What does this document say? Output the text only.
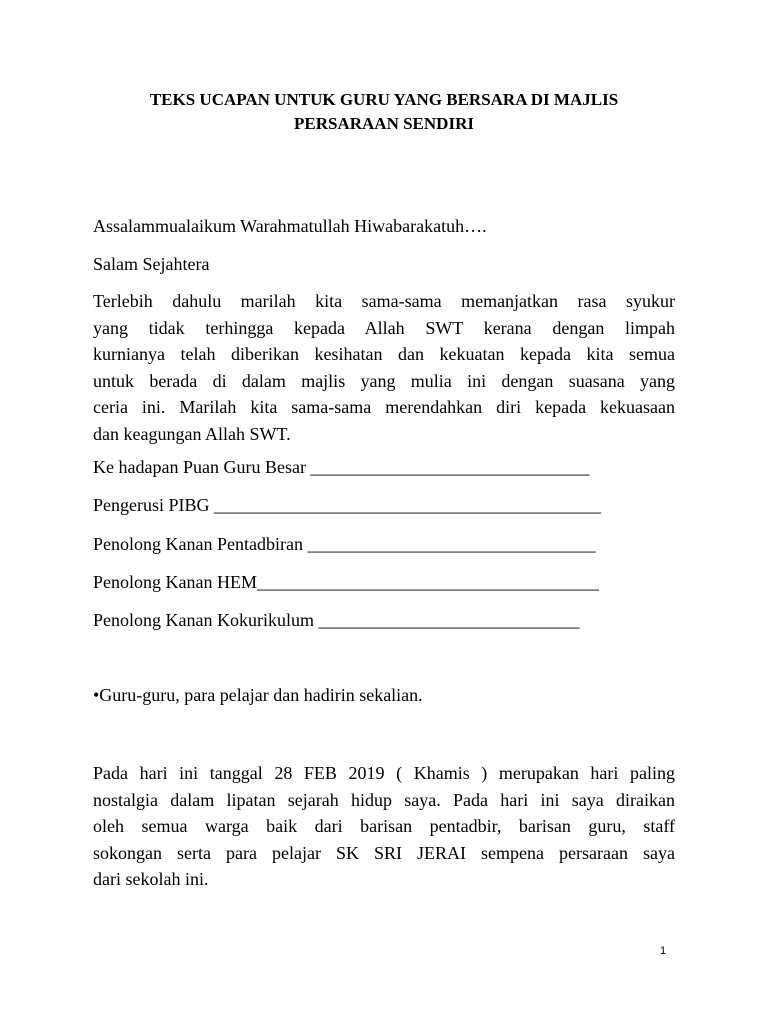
TEKS UCAPAN UNTUK GURU YANG BERSARA DI MAJLIS
PERSARAAN SENDIRI
Assalammualaikum Warahmatullah Hiwabarakatuh….
Salam Sejahtera
Terlebih dahulu marilah kita sama-sama memanjatkan rasa syukur
yang tidak terhingga kepada Allah SWT kerana dengan limpah
kurnianya telah diberikan kesihatan dan kekuatan kepada kita semua
untuk berada di dalam majlis yang mulia ini dengan suasana yang
ceria ini. Marilah kita sama-sama merendahkan diri kepada kekuasaan
dan keagungan Allah SWT.
Ke hadapan Puan Guru Besar _______________________________
Pengerusi PIBG ___________________________________________
Penolong Kanan Pentadbiran ________________________________
Penolong Kanan HEM______________________________________
Penolong Kanan Kokurikulum _____________________________
•Guru-guru, para pelajar dan hadirin sekalian.
Pada hari ini tanggal 28 FEB 2019 ( Khamis ) merupakan hari paling
nostalgia dalam lipatan sejarah hidup saya. Pada hari ini saya diraikan
oleh semua warga baik dari barisan pentadbir, barisan guru, staff
sokongan serta para pelajar SK SRI JERAI sempena persaraan saya
dari sekolah ini.
1
